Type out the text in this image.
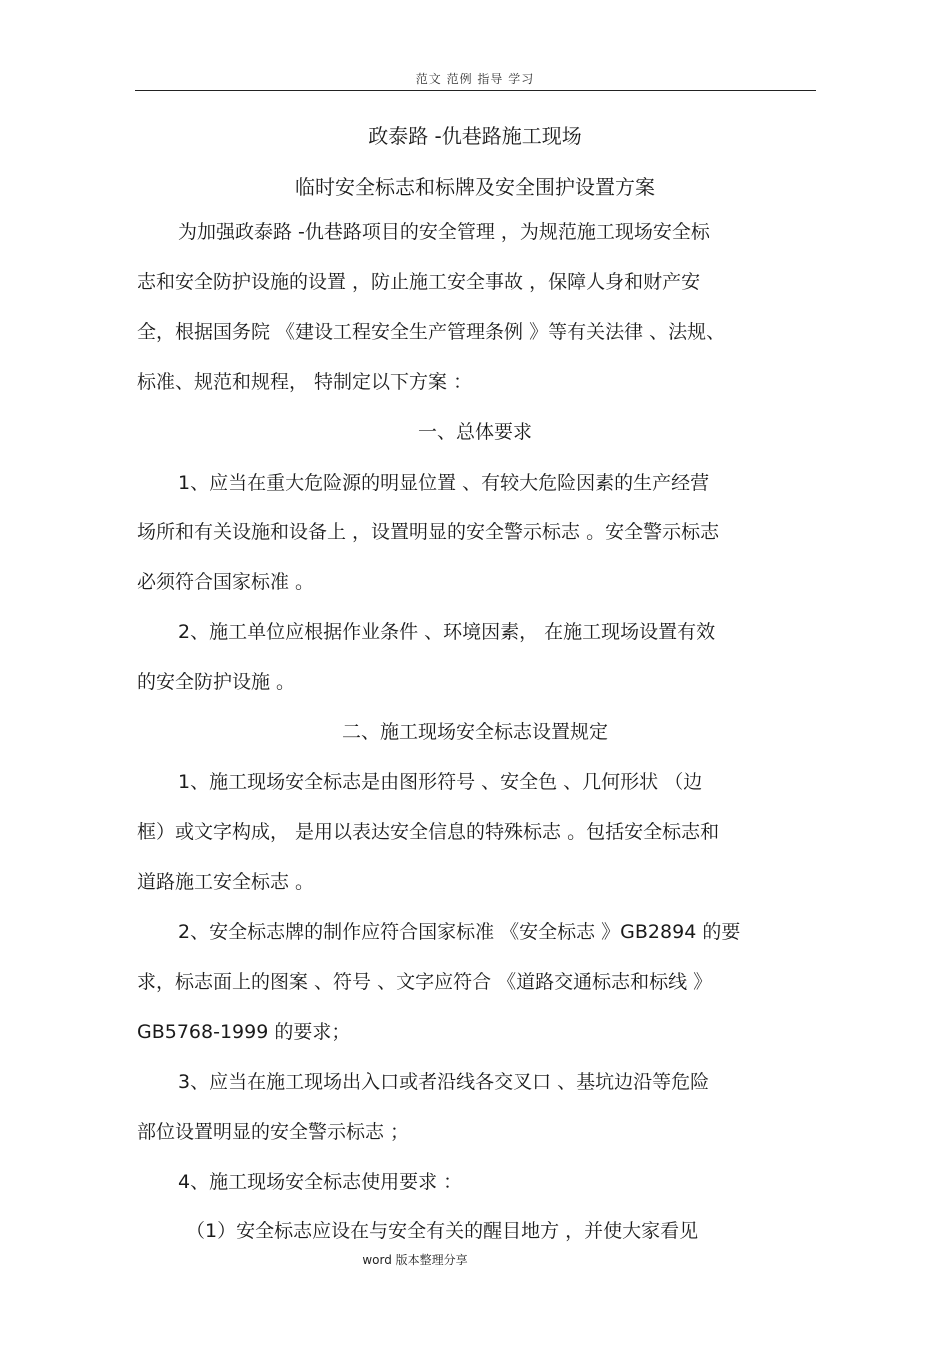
范文 范例 指导 学习
政泰路 -仇巷路施工现场
临时安全标志和标牌及安全围护设置方案
为加强政泰路 -仇巷路项目的安全管理 ，为规范施工现场安全标
志和安全防护设施的设置 ，防止施工安全事故 ，保障人身和财产安
全，根据国务院 《建设工程安全生产管理条例 》等有关法律 、法规、
标准、规范和规程， 特制定以下方案 ：
一、总体要求
1、应当在重大危险源的明显位置 、有较大危险因素的生产经营
场所和有关设施和设备上 ，设置明显的安全警示标志 。安全警示标志
必须符合国家标准 。
2、施工单位应根据作业条件 、环境因素， 在施工现场设置有效
的安全防护设施 。
二、施工现场安全标志设置规定
1、施工现场安全标志是由图形符号 、安全色 、几何形状 （边
框）或文字构成， 是用以表达安全信息的特殊标志 。包括安全标志和
道路施工安全标志 。
2、安全标志牌的制作应符合国家标准 《安全标志 》GB2894 的要
求，标志面上的图案 、符号 、文字应符合 《道路交通标志和标线 》
GB5768-1999 的要求；
3、应当在施工现场出入口或者沿线各交叉口 、基坑边沿等危险
部位设置明显的安全警示标志 ；
4、施工现场安全标志使用要求 ：
（1）安全标志应设在与安全有关的醒目地方 ，并使大家看见
word 版本整理分享
